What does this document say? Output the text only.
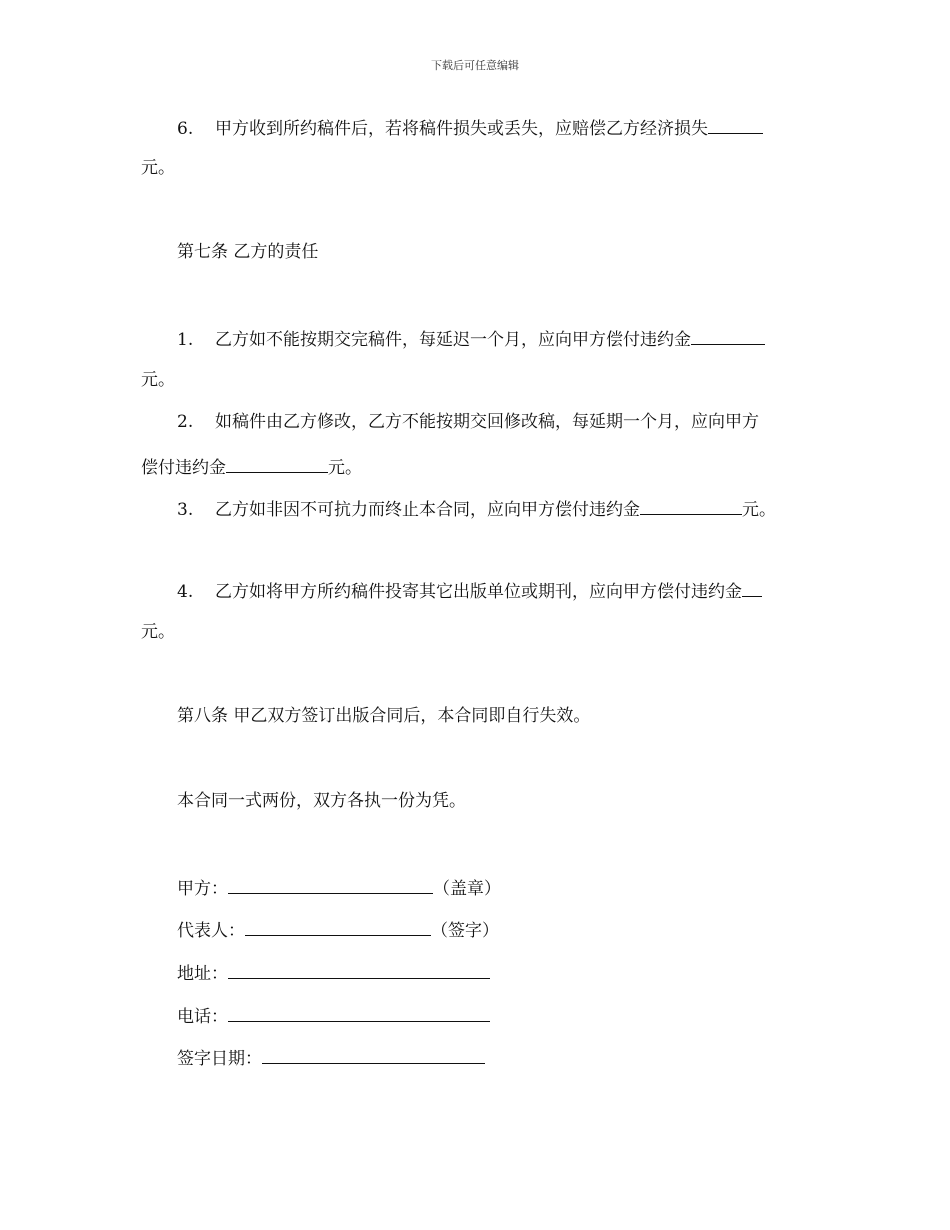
下载后可任意编辑
6. 甲方收到所约稿件后，若将稿件损失或丢失，应赔偿乙方经济损失
元。
第七条 乙方的责任
1. 乙方如不能按期交完稿件，每延迟一个月，应向甲方偿付违约金
元。
2. 如稿件由乙方修改，乙方不能按期交回修改稿，每延期一个月，应向甲方
偿付违约金	元。
3. 乙方如非因不可抗力而终止本合同，应向甲方偿付违约金	元。
4. 乙方如将甲方所约稿件投寄其它出版单位或期刊，应向甲方偿付违约金
元。
第八条 甲乙双方签订出版合同后，本合同即自行失效。
本合同一式两份，双方各执一份为凭。
甲方：	（盖章）
代表人：	（签字）
地址：
电话：
签字日期：
